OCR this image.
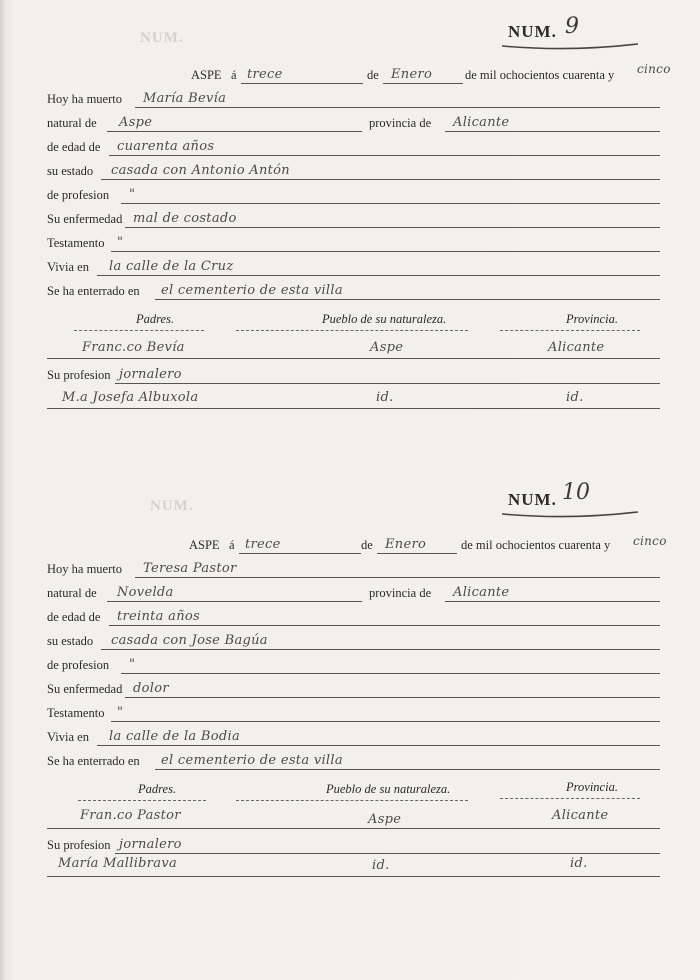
NUM.
NUM.
NUM. 9
ASPE á trece	de Enero	de mil ochocientos cuarenta y cinco
Hoy ha muerto María Bevía
natural de Aspe	provincia de Alicante
de edad de cuarenta años
su estado casada con Antonio Antón
de profesion "
Su enfermedad mal de costado
Testamento "
Vivia en la calle de la Cruz
Se ha enterrado en el cementerio de esta villa
Padres.	Pueblo de su naturaleza.	Provincia.
Franc.co Bevía	Aspe	Alicante
Su profesion jornalero
M.a Josefa Albuxola	id.	id.
NUM. 10
ASPE á trece	de Enero	de mil ochocientos cuarenta y cinco
Hoy ha muerto Teresa Pastor
natural de Novelda	provincia de Alicante
de edad de treinta años
su estado casada con Jose Bagúa
de profesion "
Su enfermedad dolor
Testamento "
Vivia en la calle de la Bodia
Se ha enterrado en el cementerio de esta villa
Padres.	Pueblo de su naturaleza.	Provincia.
Fran.co Pastor	Aspe	Alicante
Su profesion jornalero
María Mallibrava	id.	id.
